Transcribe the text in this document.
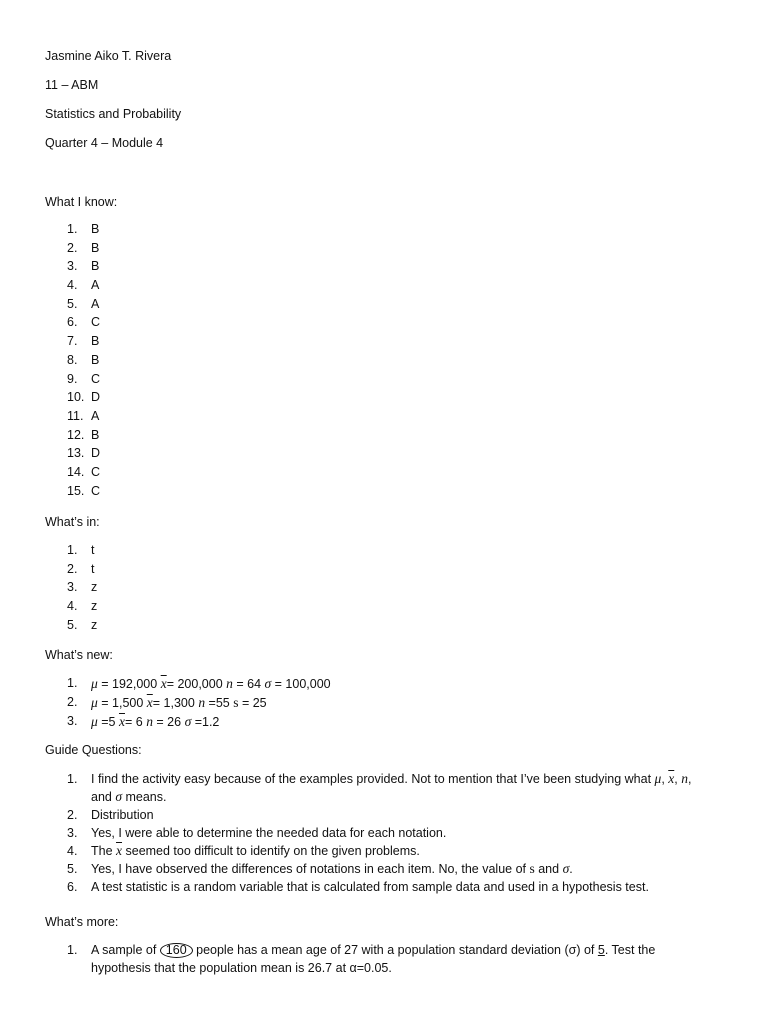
Jasmine Aiko T. Rivera

11 – ABM

Statistics and Probability

Quarter 4 – Module 4

What I know:

1.	B
2.	B
3.	B
4.	A
5.	A
6.	C
7.	B
8.	B
9.	C
10. D
11. A
12. B
13. D
14. C
15. C

What’s in:

1.	t
2.	t
3.	z
4.	z
5.	z

What’s new:

1.	μ = 192,000 $\overline{x}= 200,000$ n = 64 σ = 100,000
2.	μ = 1,500 $\overline{x}= 1,300$ n =55 s = 25
3.	μ =5 $\overline{x}= 6$ n = 26 σ =1.2

Guide Questions:

1.	I find the activity easy because of the examples provided. Not to mention that I’ve been studying what μ, $\overline{x}$, n,
and σ means.
2.	Distribution
3.	Yes, I were able to determine the needed data for each notation.
4.	The $\overline{x}$ seemed too difficult to identify on the given problems.
5.	Yes, I have observed the differences of notations in each item. No, the value of s and σ.
6.	A test statistic is a random variable that is calculated from sample data and used in a hypothesis test.

What’s more:

1.	A sample of 160 people has a mean age of 27 with a population standard deviation (σ) of 5. Test the hypothesis that the population mean is 26.7 at α=0.05.
